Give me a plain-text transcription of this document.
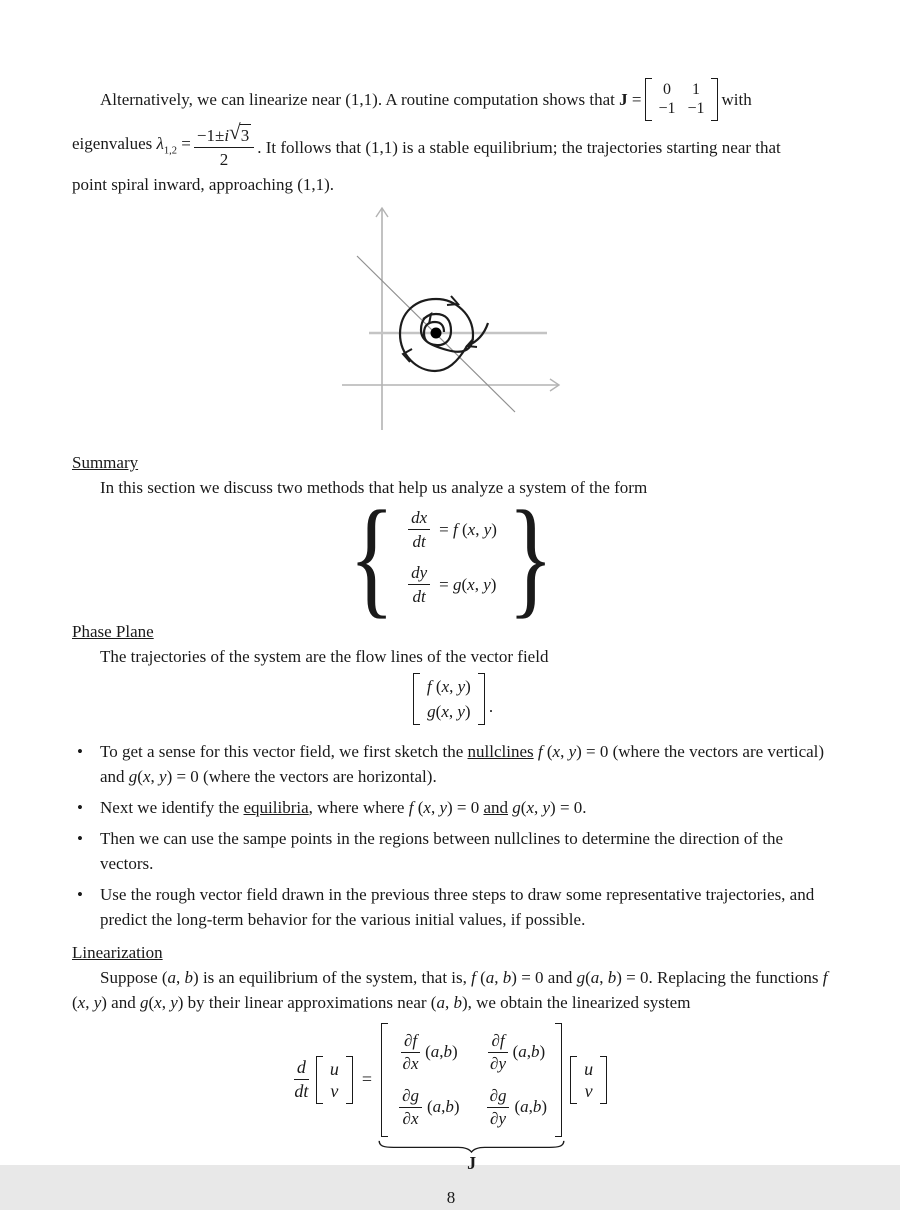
Alternatively, we can linearize near (1,1). A routine computation shows that J =
0 1
−1 −1 with
eigenvalues $\lambda_{1,2} = \frac{-1\pm i √ 3}{2}$ . It follows that (1,1) is a stable equilibrium; the trajectories starting near that
point spiral inward, approaching (1,1).
Summary
In this section we discuss two methods that help us analyze a system of the form
{ $\frac{dx}{dt} = f$ (x, y)
$\frac{dy}{dt} = g(x$, y) }
Phase Plane
The trajectories of the system are the flow lines of the vector field
f (x, y)
g(x, y) .
• To get a sense for this vector field, we first sketch the nullclines f (x, y) = 0 (where the vectors are vertical) and g(x, y) = 0 (where the vectors are horizontal).
• Next we identify the equilibria, where where f (x, y) = 0 and g(x, y) = 0.
• Then we can use the sampe points in the regions between nullclines to determine the direction of the vectors.
• Use the rough vector field drawn in the previous three steps to draw some representative trajectories, and predict the long-term behavior for the various initial values, if possible.
Linearization
Suppose (a, b) is an equilibrium of the system, that is, f (a, b) = 0 and g(a, b) = 0. Replacing the functions f (x, y) and g(x, y) by their linear approximations near (a, b), we obtain the linearized system
$\frac{d}{dt}$ u
v
=
$\frac{\partial f}{\partial x} (a,b) \frac{\partial f}{\partial y} (a,b)$
$\frac{\partial g}{\partial x} (a,b) \frac{\partial g}{\partial y} (a,b)$
J
u
v
8
